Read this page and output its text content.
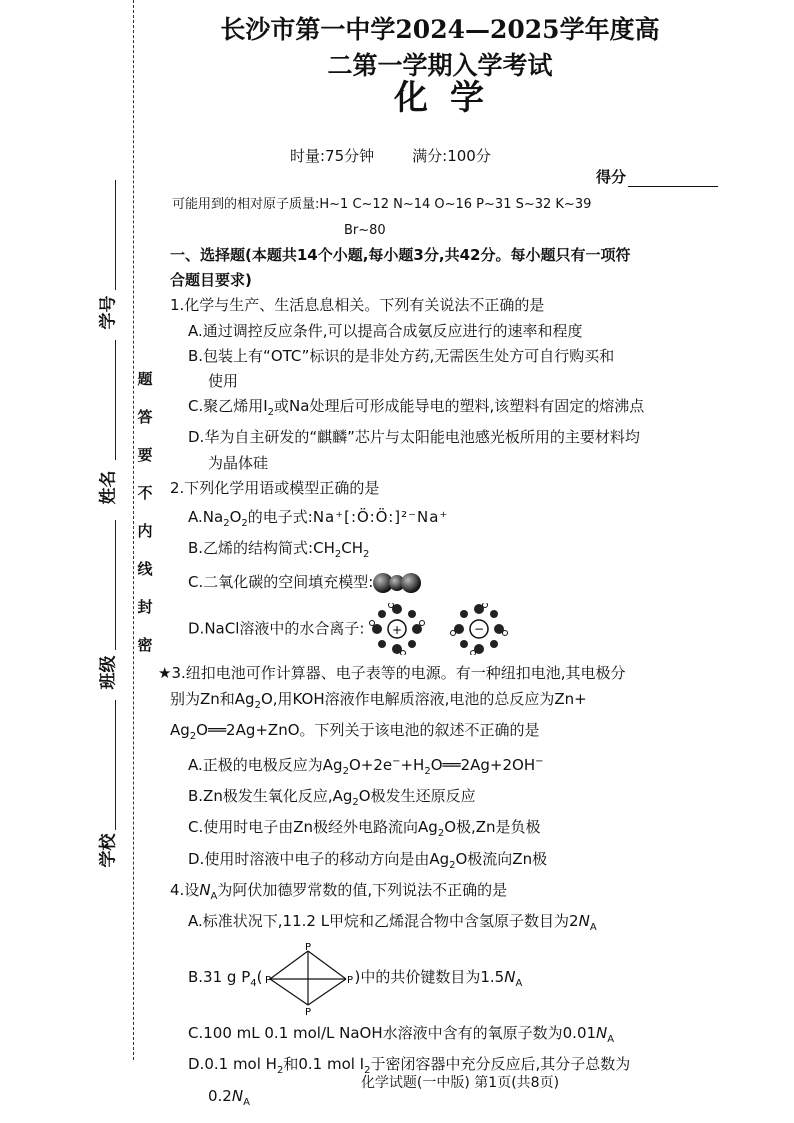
题
答
要
不
内
线
封
密
学号
姓名
班级
学校
长沙市第一中学2024—2025学年度高二第一学期入学考试
化学
时量:75分钟	满分:100分
得分
可能用到的相对原子质量:H~1 C~12 N~14 O~16 P~31 S~32 K~39
Br~80

一、选择题(本题共14个小题,每小题3分,共42分。每小题只有一项符

合题目要求)

1.化学与生产、生活息息相关。下列有关说法不正确的是

A.通过调控反应条件,可以提高合成氨反应进行的速率和程度

B.包装上有“OTC”标识的是非处方药,无需医生处方可自行购买和

使用

C.聚乙烯用$I_2$或Na处理后可形成能导电的塑料,该塑料有固定的熔沸点

D.华为自主研发的“麒麟”芯片与太阳能电池感光板所用的主要材料均

为晶体硅

2.下列化学用语或模型正确的是

$A.Na_2O_2$的电子式:Na⁺[:Ö:Ö:]²⁻Na⁺

B.乙烯的结构简式$:CH_2CH_2$

C.二氧化碳的空间填充模型:

D.NaCl溶液中的水合离子: +	−

★3.纽扣电池可作计算器、电子表等的电源。有一种纽扣电池,其电极分

别为Zn和$Ag_2O$,用KOH溶液作电解质溶液,电池的总反应为Zn+

$Ag_2O══2Ag+ZnO$。下列关于该电池的叙述不正确的是

A.正极的电极反应为$Ag_2O+2e^-+H_2O══2Ag+2OH^-$

B.Zn极发生氧化反应$,Ag_2O$极发生还原反应

C.使用时电子由Zn极经外电路流向$Ag_2O$极,Zn是负极

D.使用时溶液中电子的移动方向是由$Ag_2O$极流向Zn极

4.设$N_A$为阿伏加德罗常数的值,下列说法不正确的是

A.标准状况下,11.2 L甲烷和乙烯混合物中含氢原子数目为$2N_A$

B.31 g $P_4$(
P
P	P
P
)中的共价键数目为$1.5N_A$

C.100 mL 0.1 mol/L NaOH水溶液中含有的氧原子数为$0.01N_A$

D.0.1 mol $H_2$和0.1 mol $I_2$于密闭容器中充分反应后,其分子总数为

$0.2N_A$

化学试题(一中版) 第1页(共8页)
